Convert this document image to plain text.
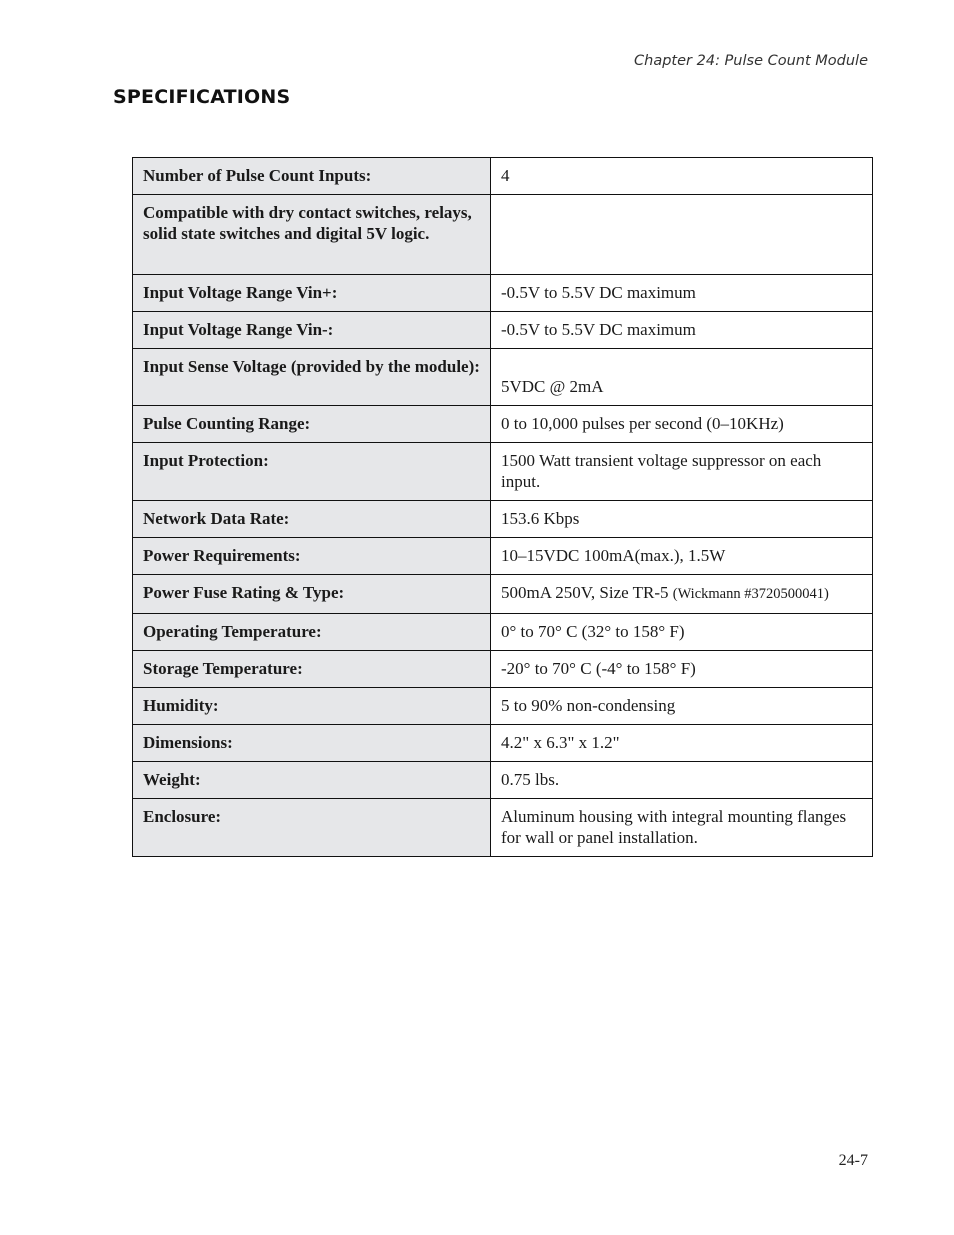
Chapter 24: Pulse Count Module
SPECIFICATIONS
Number of Pulse Count Inputs:	4
Compatible with dry contact switches, relays, solid state switches and digital 5V logic.	
Input Voltage Range Vin+:	-0.5V to 5.5V DC maximum
Input Voltage Range Vin-:	-0.5V to 5.5V DC maximum
Input Sense Voltage (provided by the module):	5VDC @ 2mA
Pulse Counting Range:	0 to 10,000 pulses per second (0–10KHz)
Input Protection:	1500 Watt transient voltage suppressor on each input.
Network Data Rate:	153.6 Kbps
Power Requirements:	10–15VDC 100mA(max.), 1.5W
Power Fuse Rating & Type:	500mA 250V, Size TR-5 (Wickmann #3720500041)
Operating Temperature:	0° to 70° C (32° to 158° F)
Storage Temperature:	-20° to 70° C (-4° to 158° F)
Humidity:	5 to 90% non-condensing
Dimensions:	4.2" x 6.3" x 1.2"
Weight:	0.75 lbs.
Enclosure:	Aluminum housing with integral mounting flanges for wall or panel installation.
24-7
